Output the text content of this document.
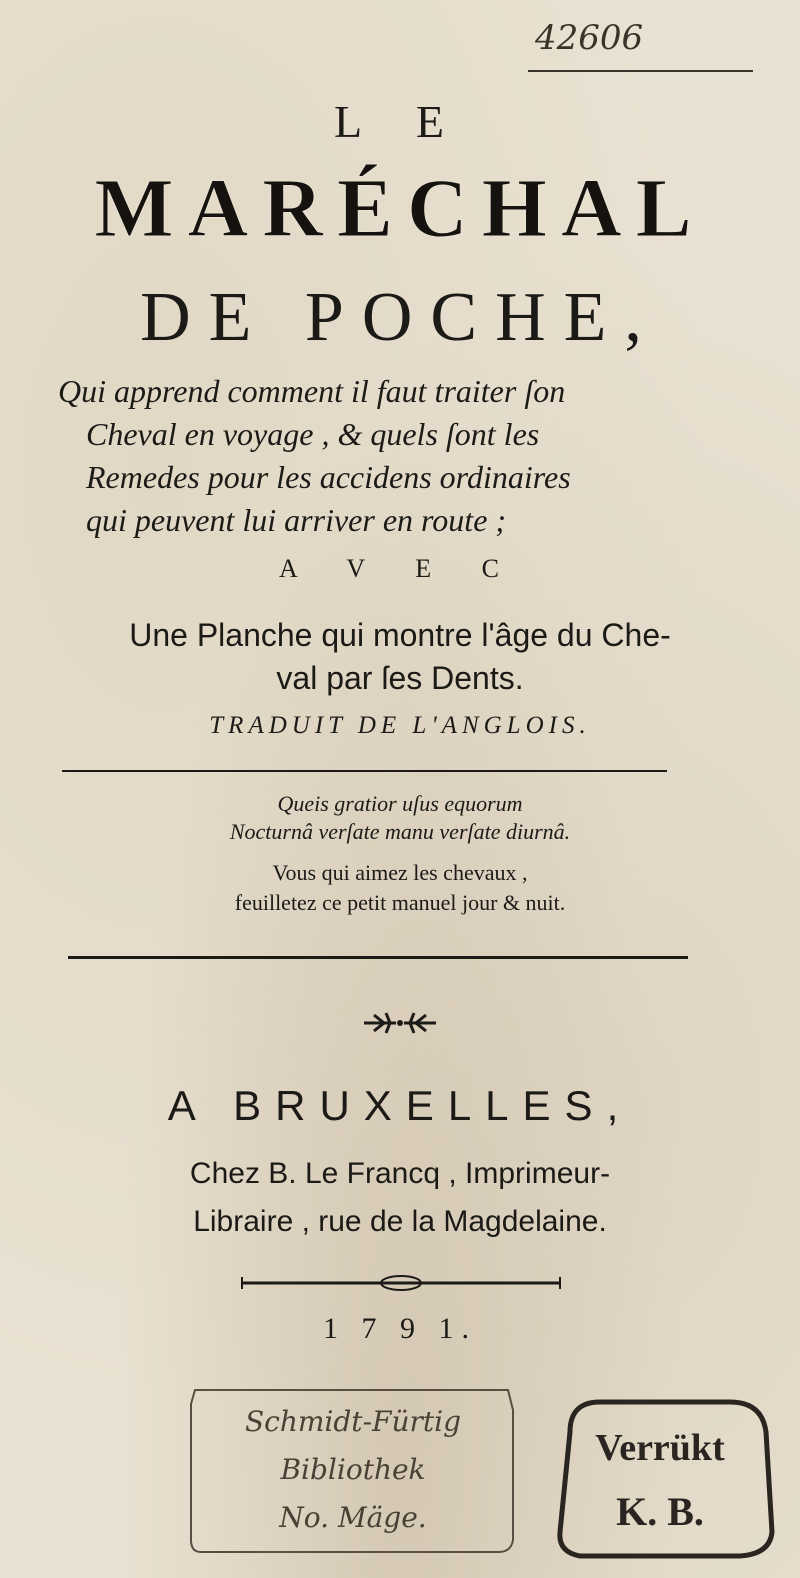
42606
L E
MARÉCHAL
DE POCHE,
Qui apprend comment il faut traiter ſon
Cheval en voyage , & quels ſont les
Remedes pour les accidens ordinaires
qui peuvent lui arriver en route ;
A V E C
Une Planche qui montre l'âge du Che-
val par ſes Dents.
TRADUIT DE L'ANGLOIS.
Queis gratior uſus equorum
Nocturnâ verſate manu verſate diurnâ.
Vous qui aimez les chevaux ,
feuilletez ce petit manuel jour & nuit.
A BRUXELLES,
Chez B. Le Francq , Imprimeur-
Libraire , rue de la Magdelaine.
1 7 9 1.
Schmidt-Fürtig
Bibliothek
No. Mäge.
Verrükt
K. B.
